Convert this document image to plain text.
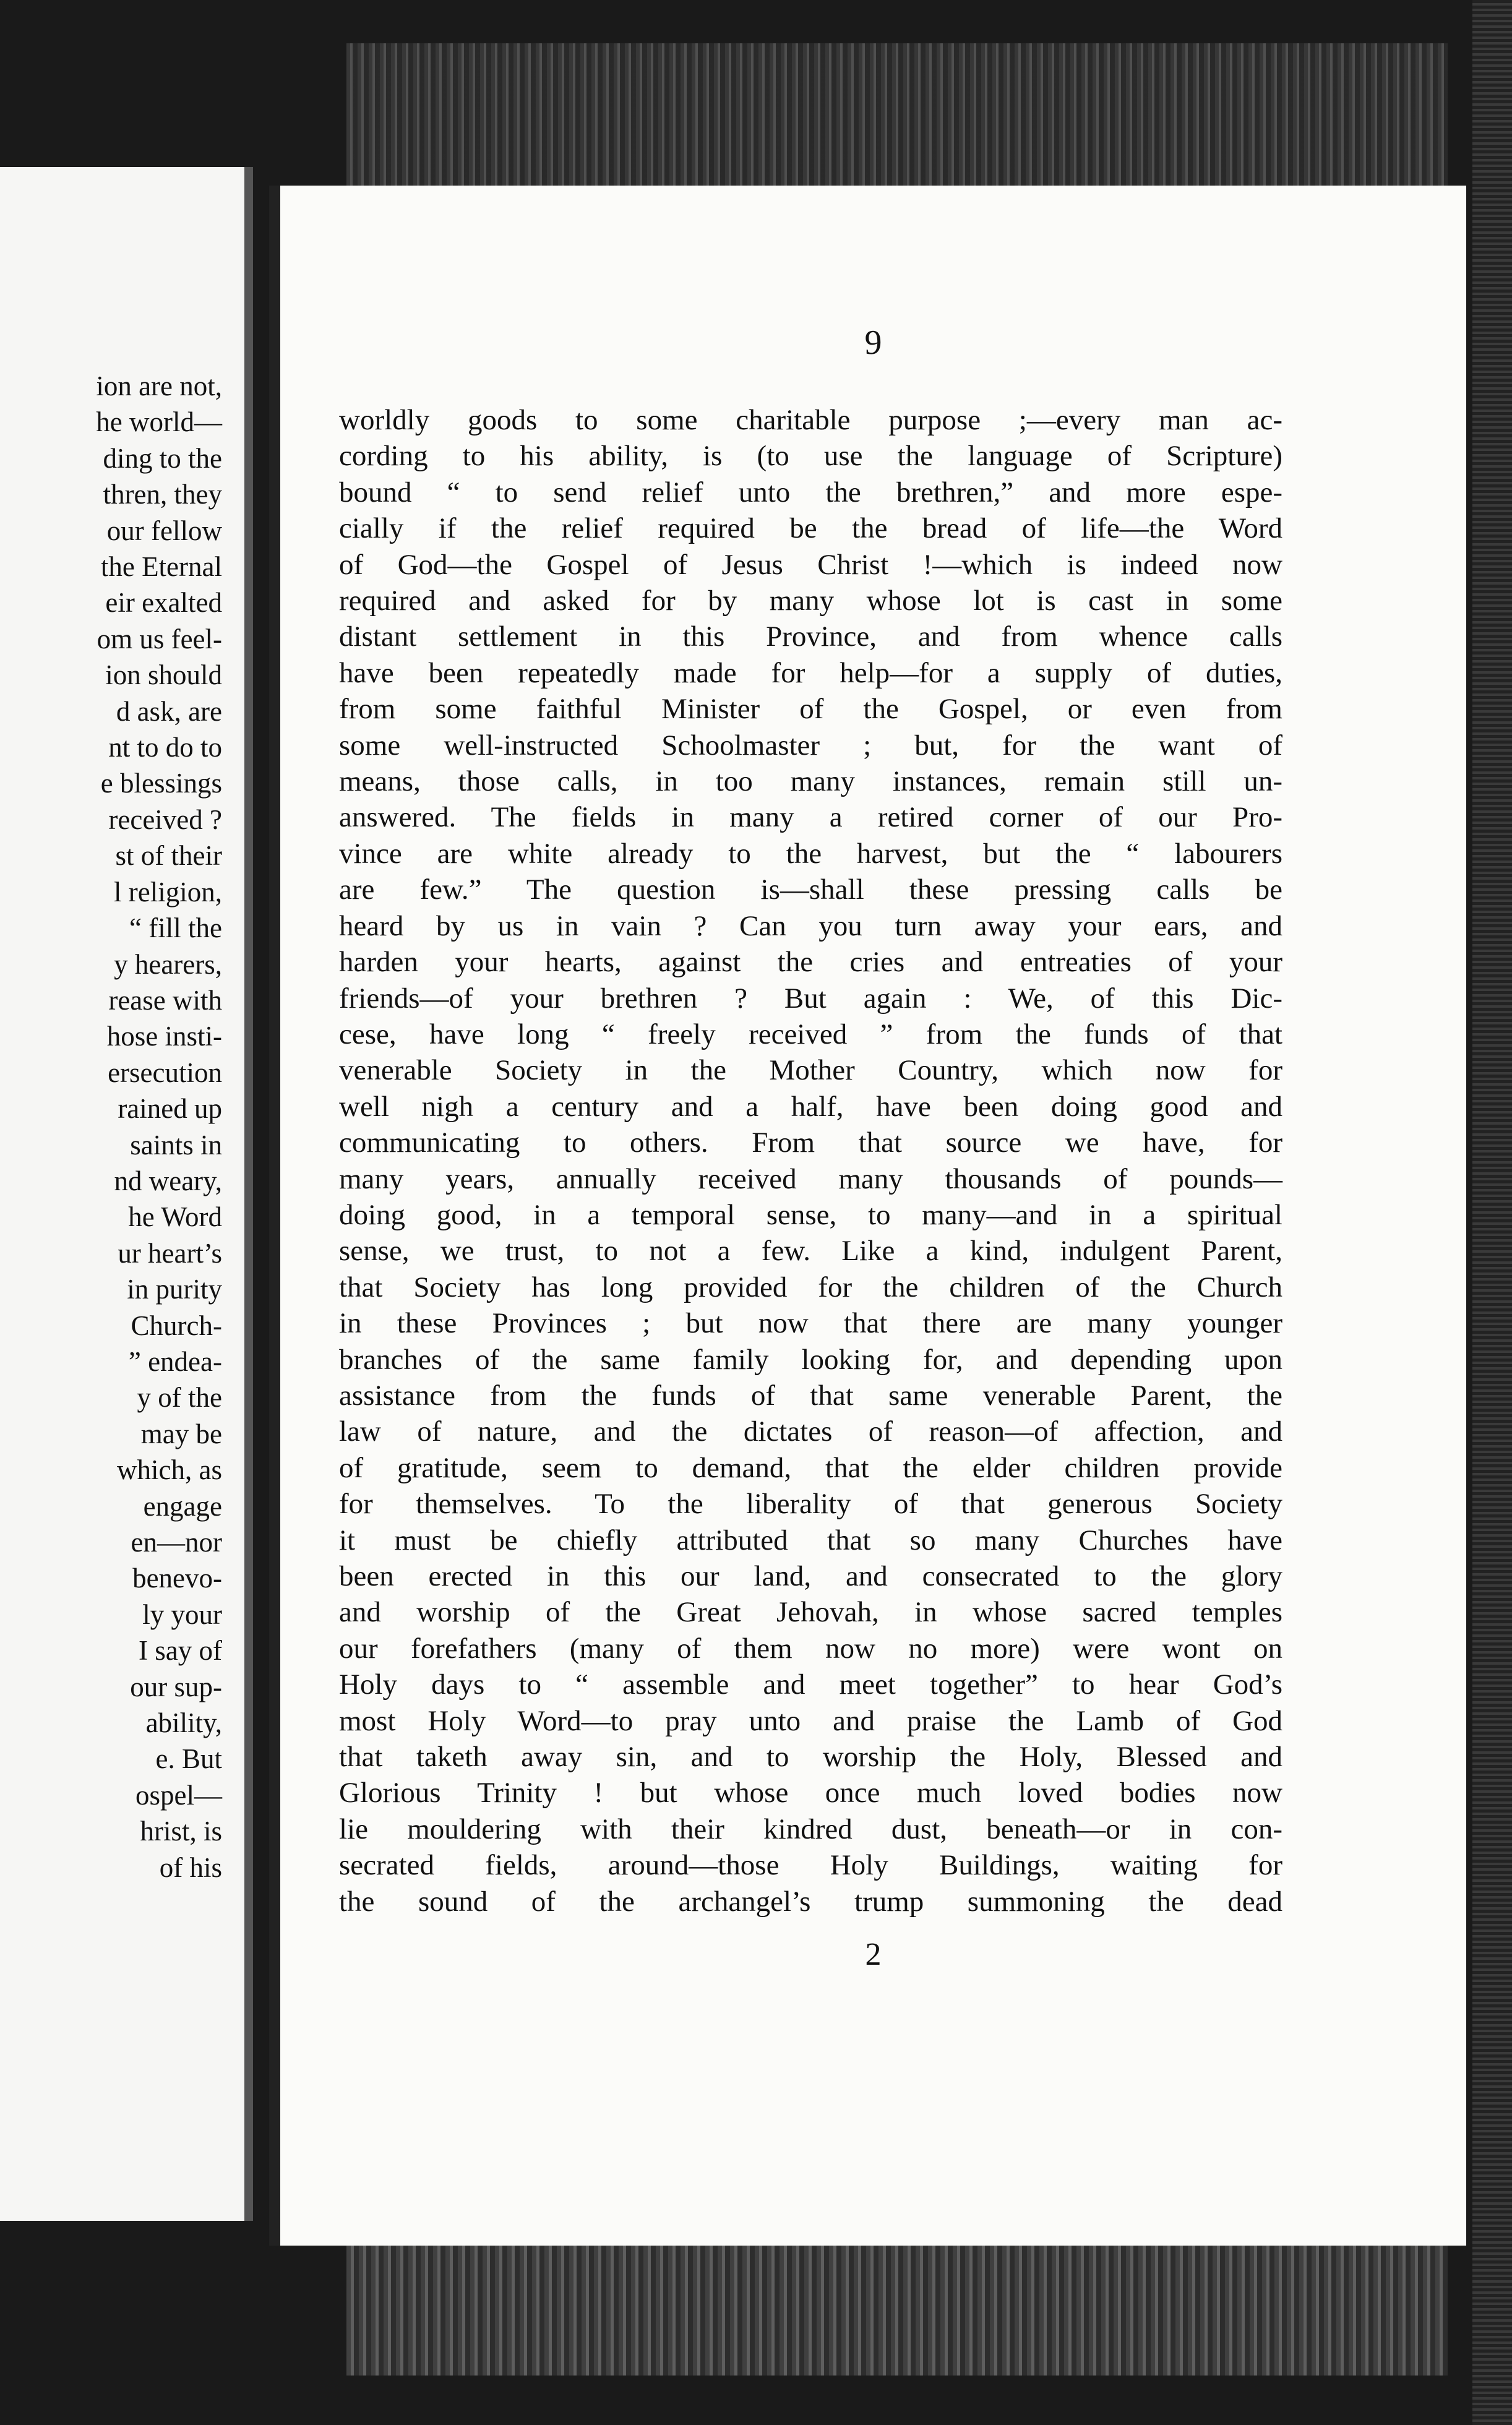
ion are not,
he world—
ding to the
thren, they
our fellow
the Eternal
eir exalted
om us feel-
ion should
d ask, are
nt to do to
e blessings
received ?
st of their
l religion,
“ fill the
y hearers,
rease with
hose insti-
ersecution
rained up
saints in
nd weary,
he Word
ur heart’s
in purity
Church-
” endea-
y of the
may be
which, as
engage
en—nor
benevo-
ly your
I say of
our sup-
ability,
e. But
ospel—
hrist, is
of his
9
worldly goods to some charitable purpose ;—every man ac-
cording to his ability, is (to use the language of Scripture)
bound “ to send relief unto the brethren,” and more espe-
cially if the relief required be the bread of life—the Word
of God—the Gospel of Jesus Christ !—which is indeed now
required and asked for by many whose lot is cast in some
distant settlement in this Province, and from whence calls
have been repeatedly made for help—for a supply of duties,
from some faithful Minister of the Gospel, or even from
some well-instructed Schoolmaster ; but, for the want of
means, those calls, in too many instances, remain still un-
answered. The fields in many a retired corner of our Pro-
vince are white already to the harvest, but the “ labourers
are few.” The question is—shall these pressing calls be
heard by us in vain ? Can you turn away your ears, and
harden your hearts, against the cries and entreaties of your
friends—of your brethren ? But again : We, of this Dic-
cese, have long “ freely received ” from the funds of that
venerable Society in the Mother Country, which now for
well nigh a century and a half, have been doing good and
communicating to others. From that source we have, for
many years, annually received many thousands of pounds—
doing good, in a temporal sense, to many—and in a spiritual
sense, we trust, to not a few. Like a kind, indulgent Parent,
that Society has long provided for the children of the Church
in these Provinces ; but now that there are many younger
branches of the same family looking for, and depending upon
assistance from the funds of that same venerable Parent, the
law of nature, and the dictates of reason—of affection, and
of gratitude, seem to demand, that the elder children provide
for themselves. To the liberality of that generous Society
it must be chiefly attributed that so many Churches have
been erected in this our land, and consecrated to the glory
and worship of the Great Jehovah, in whose sacred temples
our forefathers (many of them now no more) were wont on
Holy days to “ assemble and meet together” to hear God’s
most Holy Word—to pray unto and praise the Lamb of God
that taketh away sin, and to worship the Holy, Blessed and
Glorious Trinity ! but whose once much loved bodies now
lie mouldering with their kindred dust, beneath—or in con-
secrated fields, around—those Holy Buildings, waiting for
the sound of the archangel’s trump summoning the dead
2
